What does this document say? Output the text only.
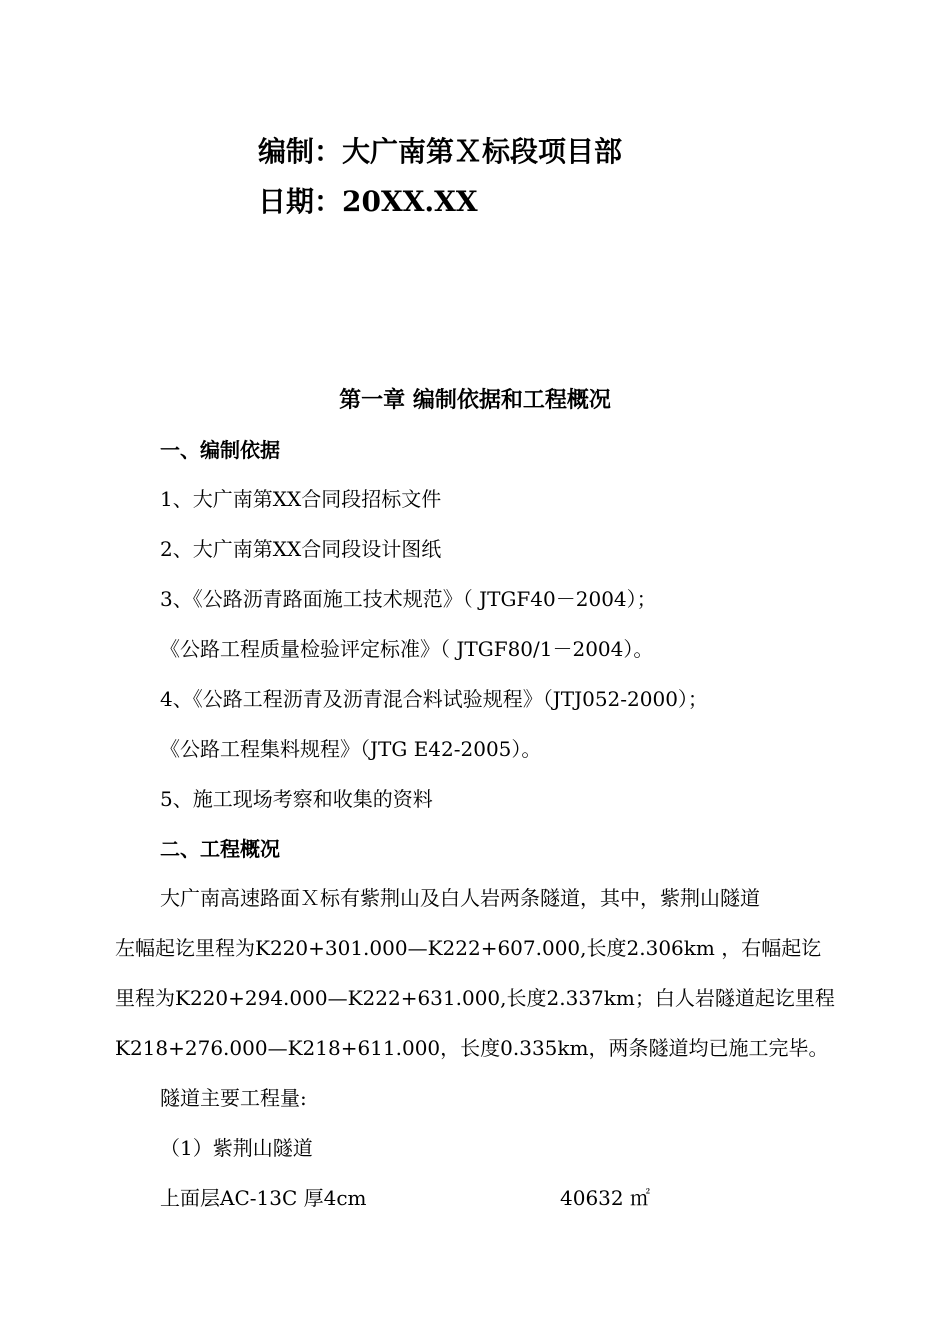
编制：大广南第Ｘ标段项目部
日期：20XX.XX
第一章 编制依据和工程概况
一、编制依据
1、大广南第XX合同段招标文件
2、大广南第XX合同段设计图纸
3、《公路沥青路面施工技术规范》（ JTGF40－2004）；
《公路工程质量检验评定标准》（ JTGF80/1－2004）。
4、《公路工程沥青及沥青混合料试验规程》（JTJ052-2000）；
《公路工程集料规程》（JTG E42-2005）。
5、施工现场考察和收集的资料
二、工程概况
大广南高速路面Ｘ标有紫荆山及白人岩两条隧道，其中，紫荆山隧道
左幅起讫里程为K220+301.000—K222+607.000,长度2.306km ，右幅起讫
里程为K220+294.000—K222+631.000,长度2.337km；白人岩隧道起讫里程
K218+276.000—K218+611.000，长度0.335km，两条隧道均已施工完毕。
隧道主要工程量:
（1）紫荆山隧道
上面层AC-13C 厚4cm	40632 ㎡
